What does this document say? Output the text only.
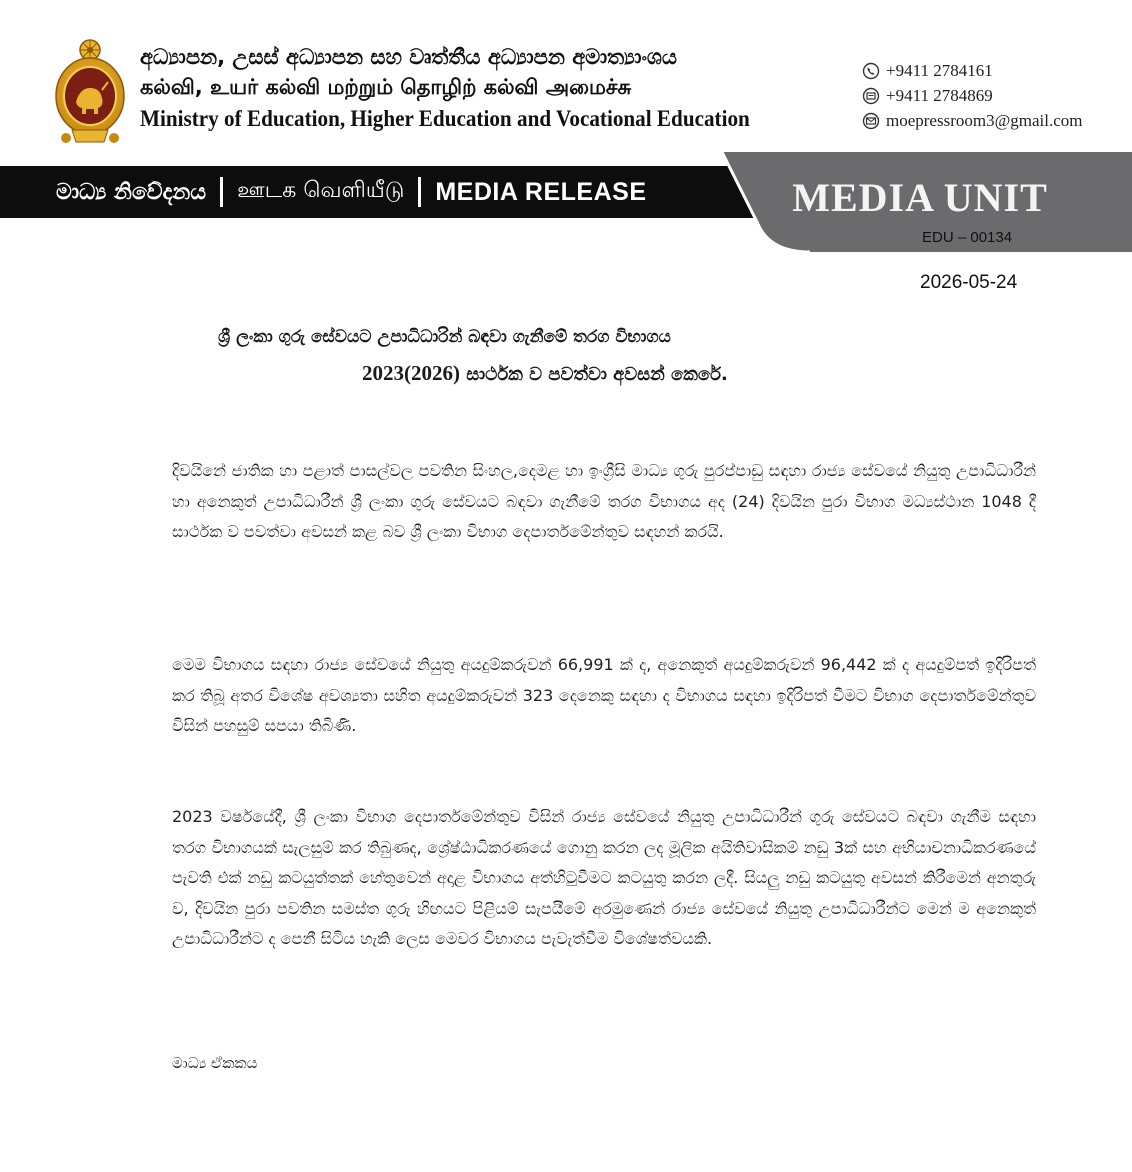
අධ්‍යාපන, උසස් අධ්‍යාපන සහ වෘත්තීය අධ්‍යාපන අමාත්‍යාංශය
கல்வி, உயர் கல்வி மற்றும் தொழிற் கல்வி அமைச்சு
Ministry of Education, Higher Education and Vocational Education
+9411 2784161
+9411 2784869
moepressroom3@gmail.com
මාධ්‍ය නිවේදනය ஊடக வெளியீடு MEDIA RELEASE	MEDIA UNIT
EDU – 00134
2026-05-24
ශ්‍රී ලංකා ගුරු සේවයට උපාධිධාරින් බඳවා ගැනීමේ තරග විභාගය
2023(2026) සාර්ථක ව පවත්වා අවසන් කෙරේ.
දිවයිනේ ජාතික හා පළාත් පාසල්වල පවතින සිංහල,දෙමළ හා ඉංග්‍රීසි මාධ්‍ය ගුරු පුරප්පාඩු සඳහා රාජ්‍ය සේවයේ නියුතු උපාධිධාරීන් හා අනෙකුත් උපාධිධාරීන් ශ්‍රී ලංකා ගුරු සේවයට බඳවා ගැනීමේ තරග විභාගය අද (24) දිවයින පුරා විභාග මධ්‍යස්ථාන 1048 දී සාර්ථක ව පවත්වා අවසන් කළ බව ශ්‍රී ලංකා විභාග දෙපාර්තමේන්තුව සඳහන් කරයි.
මෙම විභාගය සඳහා රාජ්‍ය සේවයේ නියුතු අයදුම්කරුවන් 66,991 ක් ද, අනෙකුත් අයදුම්කරුවන් 96,442 ක් ද අයදුම්පත් ඉදිරිපත් කර තිබූ අතර විශේෂ අවශ්‍යතා සහිත අයදුම්කරුවන් 323 දෙනෙකු සඳහා ද විභාගය සඳහා ඉදිරිපත් වීමට විභාග දෙපාර්තමේන්තුව විසින් පහසුම් සපයා තිබිණි.
2023 වර්ෂයේදී, ශ්‍රී ලංකා විභාග දෙපාර්තමේන්තුව විසින් රාජ්‍ය සේවයේ නියුතු උපාධිධාරීන් ගුරු සේවයට බඳවා ගැනීම සඳහා තරග විභාගයක් සැලසුම් කර තිබුණද, ශ්‍රේෂ්ඨාධිකරණයේ ගොනු කරන ලද මූලික අයිතිවාසිකම් නඩු 3ක් සහ අභියාචනාධිකරණයේ පැවති එක් නඩු කටයුත්තක් හේතුවෙන් අදාළ විභාගය අත්හිටුවීමට කටයුතු කරන ලදී. සියලු නඩු කටයුතු අවසන් කිරීමෙන් අනතුරු ව, දිවයින පුරා පවතින සමස්ත ගුරු හිඟයට පිළියම් සැපයීමේ අරමුණෙන් රාජ්‍ය සේවයේ නියුතු උපාධිධාරීන්ට මෙන් ම අනෙකුත් උපාධිධාරීන්ට ද පෙනී සිටිය හැකි ලෙස මෙවර විභාගය පැවැත්වීම විශේෂත්වයකි.
මාධ්‍ය ඒකකය
